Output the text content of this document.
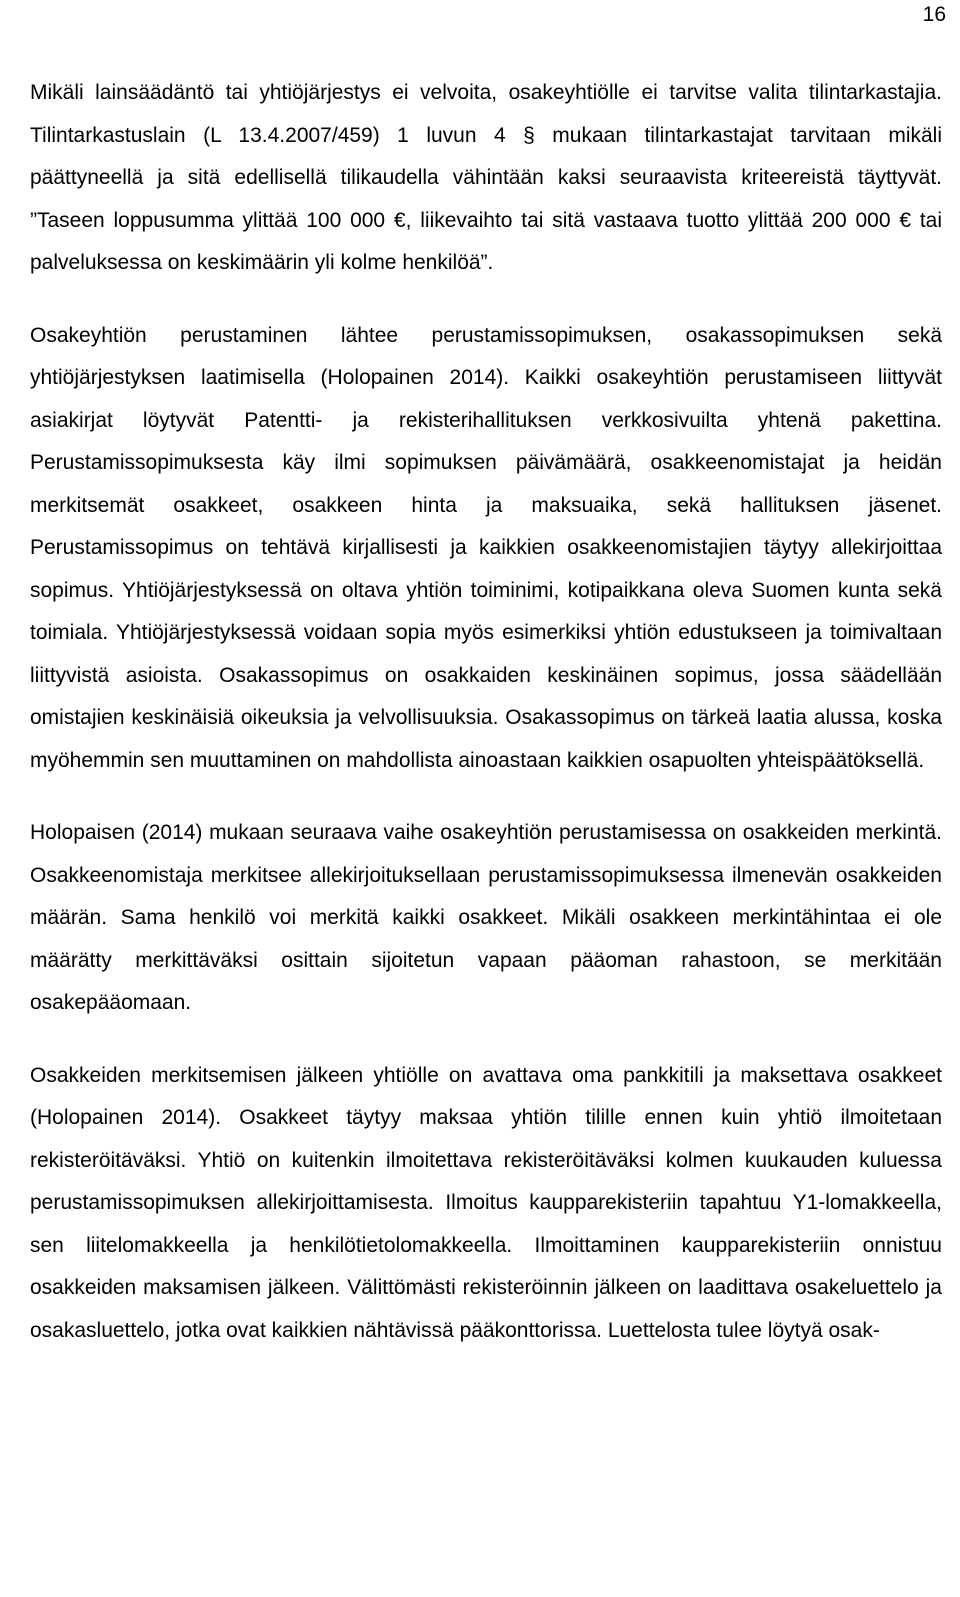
16

Mikäli lainsäädäntö tai yhtiöjärjestys ei velvoita, osakeyhtiölle ei tarvitse valita tilintarkastajia. Tilintarkastuslain (L 13.4.2007/459) 1 luvun 4 § mukaan tilintarkastajat tarvitaan mikäli päättyneellä ja sitä edellisellä tilikaudella vähintään kaksi seuraavista kriteereistä täyttyvät. ”Taseen loppusumma ylittää 100 000 €, liikevaihto tai sitä vastaava tuotto ylittää 200 000 € tai palveluksessa on keskimäärin yli kolme henkilöä”.

Osakeyhtiön perustaminen lähtee perustamissopimuksen, osakassopimuksen sekä yhtiöjärjestyksen laatimisella (Holopainen 2014). Kaikki osakeyhtiön perustamiseen liittyvät asiakirjat löytyvät Patentti- ja rekisterihallituksen verkkosivuilta yhtenä pakettina. Perustamissopimuksesta käy ilmi sopimuksen päivämäärä, osakkeenomistajat ja heidän merkitsemät osakkeet, osakkeen hinta ja maksuaika, sekä hallituksen jäsenet. Perustamissopimus on tehtävä kirjallisesti ja kaikkien osakkeenomistajien täytyy allekirjoittaa sopimus. Yhtiöjärjestyksessä on oltava yhtiön toiminimi, kotipaikkana oleva Suomen kunta sekä toimiala. Yhtiöjärjestyksessä voidaan sopia myös esimerkiksi yhtiön edustukseen ja toimivaltaan liittyvistä asioista. Osakassopimus on osakkaiden keskinäinen sopimus, jossa säädellään omistajien keskinäisiä oikeuksia ja velvollisuuksia. Osakassopimus on tärkeä laatia alussa, koska myöhemmin sen muuttaminen on mahdollista ainoastaan kaikkien osapuolten yhteispäätöksellä.

Holopaisen (2014) mukaan seuraava vaihe osakeyhtiön perustamisessa on osakkeiden merkintä. Osakkeenomistaja merkitsee allekirjoituksellaan perustamissopimuksessa ilmenevän osakkeiden määrän. Sama henkilö voi merkitä kaikki osakkeet. Mikäli osakkeen merkintähintaa ei ole määrätty merkittäväksi osittain sijoitetun vapaan pääoman rahastoon, se merkitään osakepääomaan.

Osakkeiden merkitsemisen jälkeen yhtiölle on avattava oma pankkitili ja maksettava osakkeet (Holopainen 2014). Osakkeet täytyy maksaa yhtiön tilille ennen kuin yhtiö ilmoitetaan rekisteröitäväksi. Yhtiö on kuitenkin ilmoitettava rekisteröitäväksi kolmen kuukauden kuluessa perustamissopimuksen allekirjoittamisesta. Ilmoitus kaupparekisteriin tapahtuu Y1-lomakkeella, sen liitelomakkeella ja henkilötietolomakkeella. Ilmoittaminen kaupparekisteriin onnistuu osakkeiden maksamisen jälkeen. Välittömästi rekisteröinnin jälkeen on laadittava osakeluettelo ja osakasluettelo, jotka ovat kaikkien nähtävissä pääkonttorissa. Luettelosta tulee löytyä osak-
